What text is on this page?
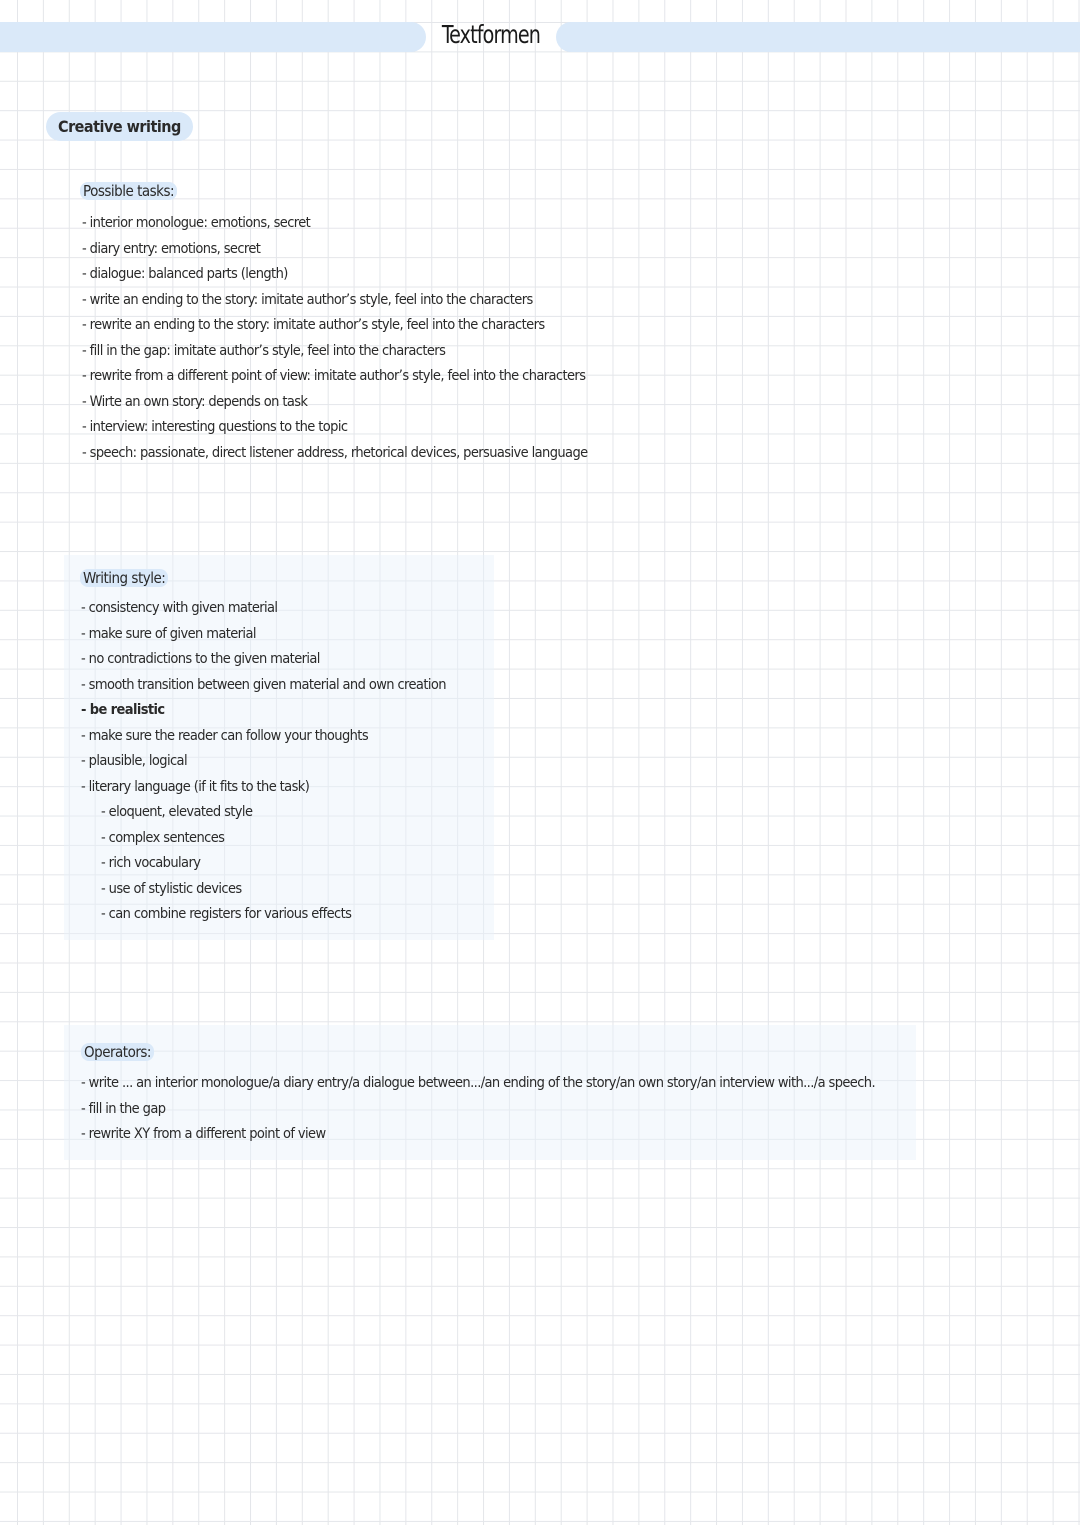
Textformen
Creative writing
Possible tasks:
- interior monologue: emotions, secret
- diary entry: emotions, secret
- dialogue: balanced parts (length)
- write an ending to the story: imitate author’s style, feel into the characters
- rewrite an ending to the story: imitate author’s style, feel into the characters
- fill in the gap: imitate author’s style, feel into the characters
- rewrite from a different point of view: imitate author’s style, feel into the characters
- Wirte an own story: depends on task
- interview: interesting questions to the topic
- speech: passionate, direct listener address, rhetorical devices, persuasive language
Writing style:
- consistency with given material
- make sure of given material
- no contradictions to the given material
- smooth transition between given material and own creation
- be realistic
- make sure the reader can follow your thoughts
- plausible, logical
- literary language (if it fits to the task)
- eloquent, elevated style
- complex sentences
- rich vocabulary
- use of stylistic devices
- can combine registers for various effects
Operators:
- write ... an interior monologue/a diary entry/a dialogue between.../an ending of the story/an own story/an interview with.../a speech.
- fill in the gap
- rewrite XY from a different point of view
